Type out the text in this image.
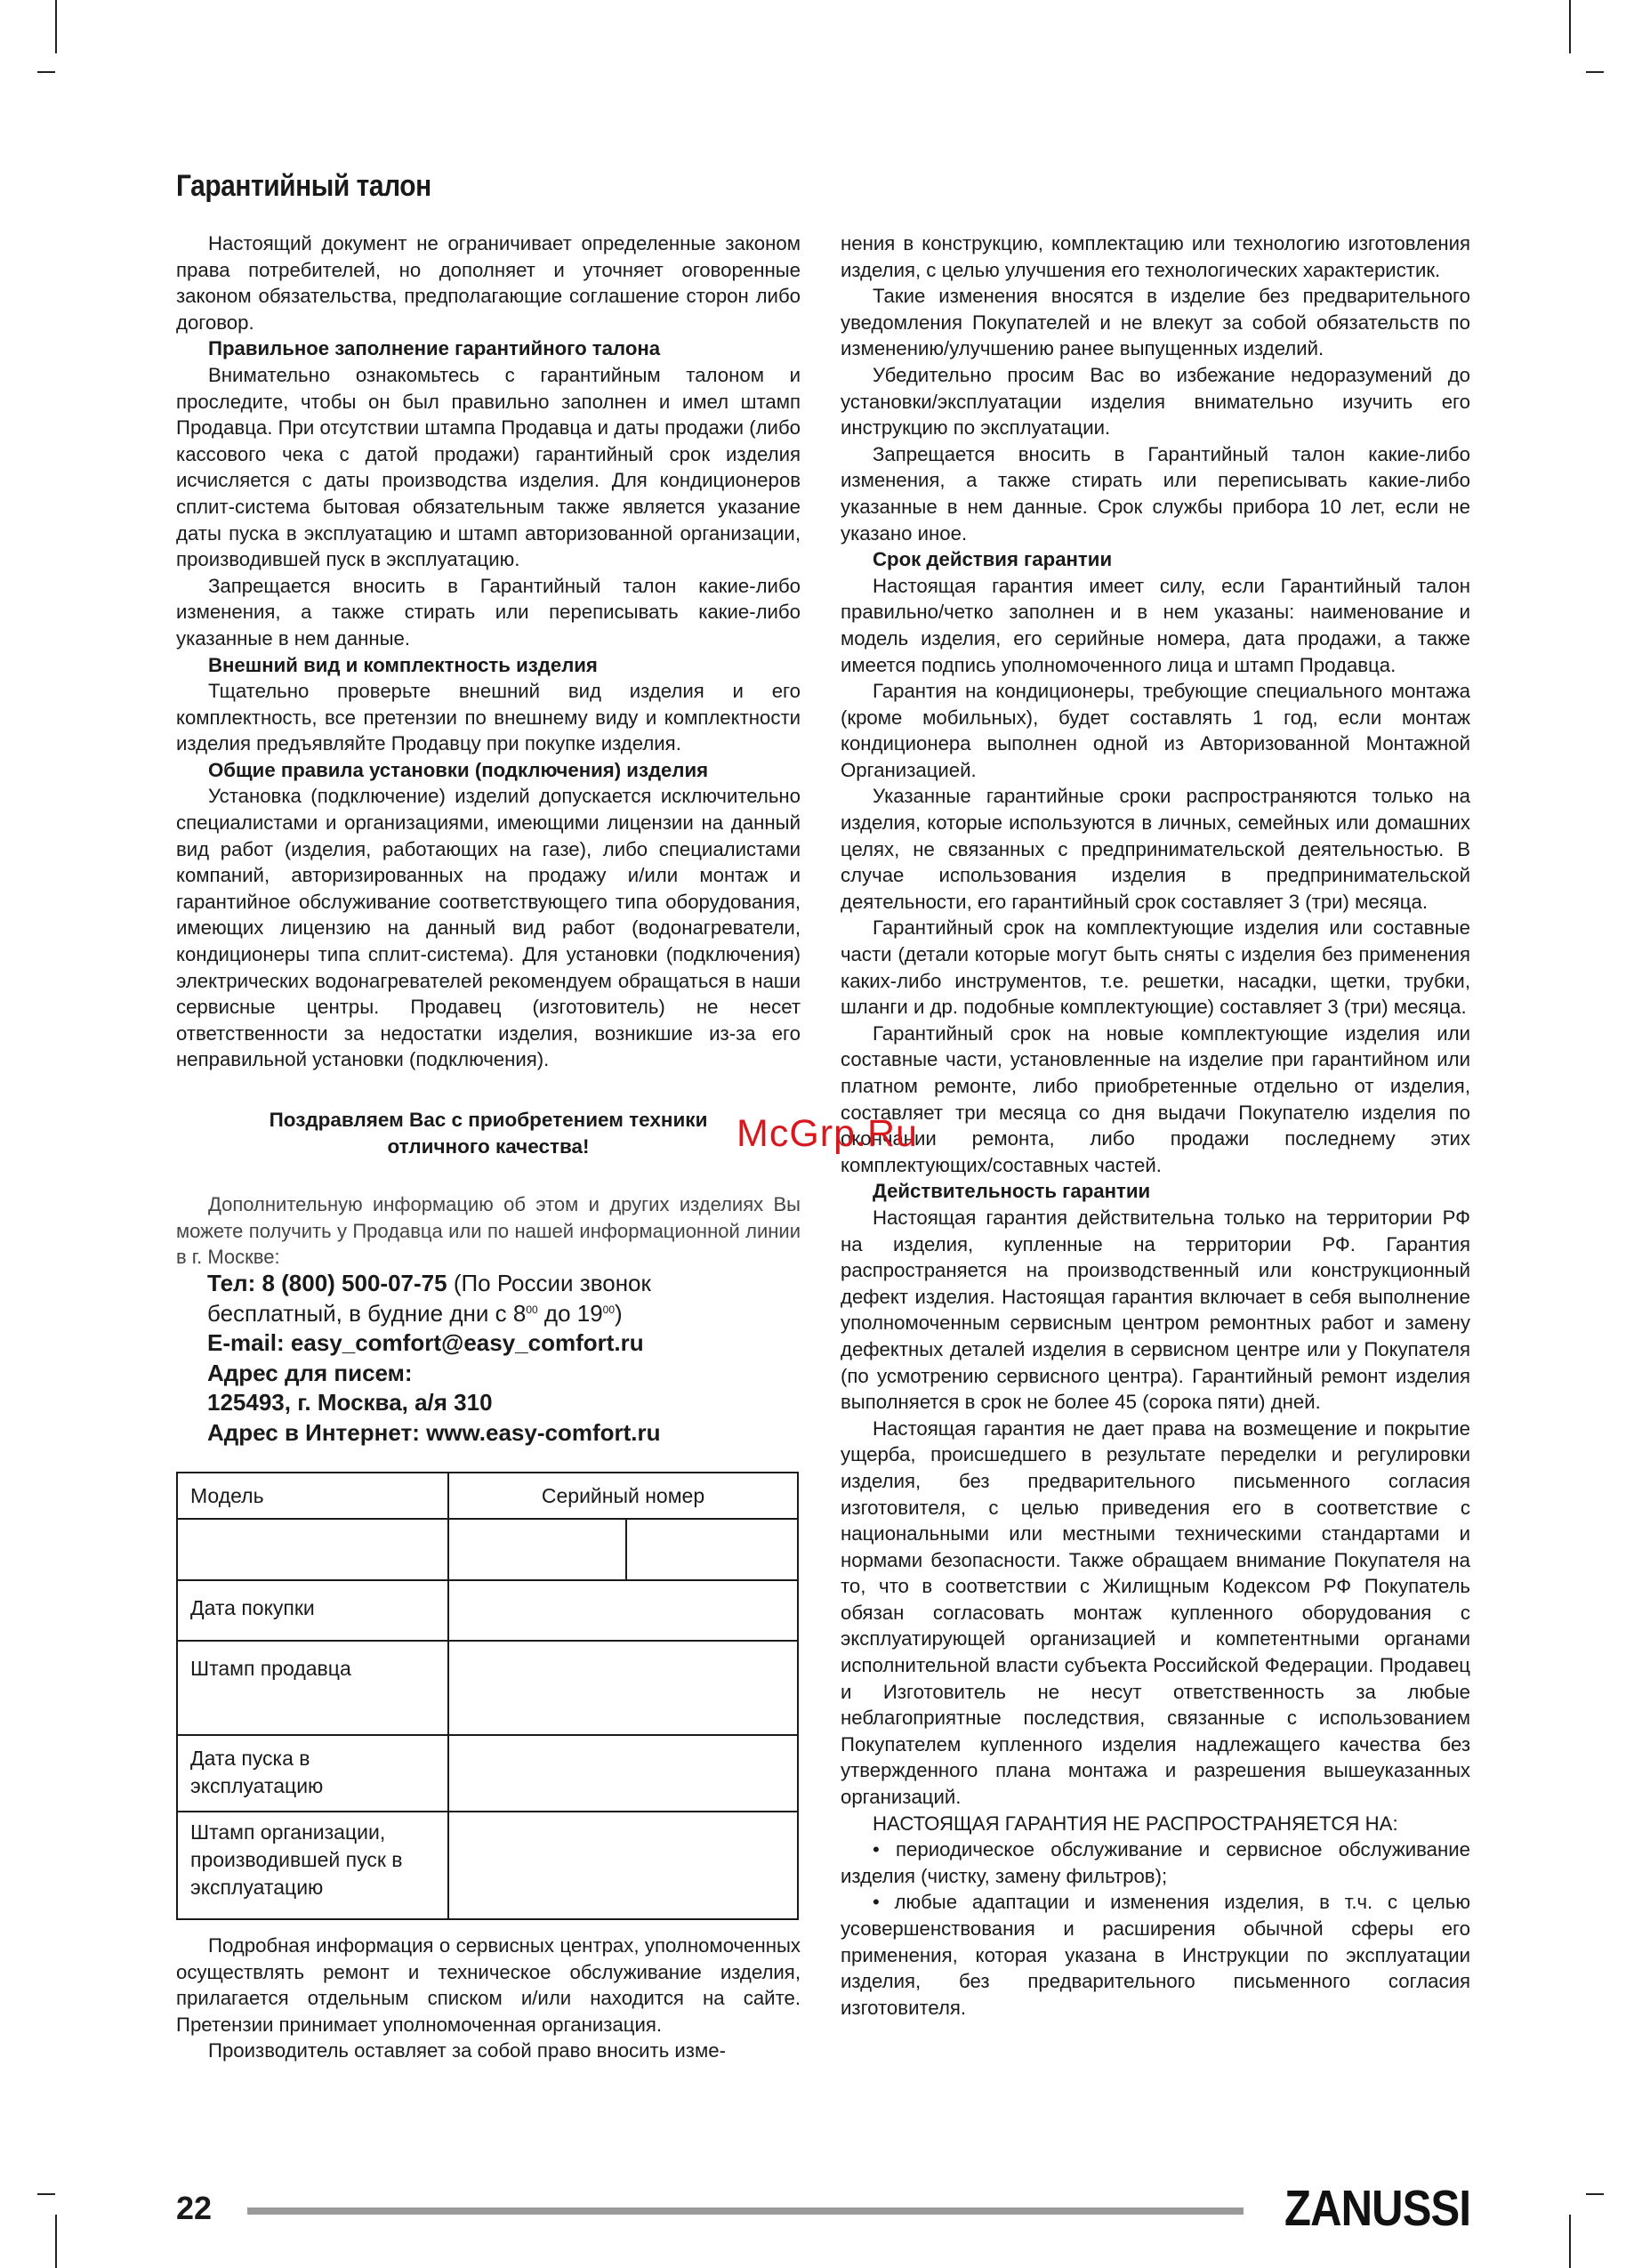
Гарантийный талон

Настоящий документ не ограничивает определенные законом права потребителей, но дополняет и уточняет оговоренные законом обязательства, предполагающие соглашение сторон либо договор.

Правильное заполнение гарантийного талона

Внимательно ознакомьтесь с гарантийным талоном и проследите, чтобы он был правильно заполнен и имел штамп Продавца. При отсутствии штампа Продавца и даты продажи (либо кассового чека с датой продажи) гарантийный срок изделия исчисляется с даты производства изделия. Для кондиционеров сплит-система бытовая обязательным также является указание даты пуска в эксплуатацию и штамп авторизованной организации, производившей пуск в эксплуатацию.

Запрещается вносить в Гарантийный талон какие-либо изменения, а также стирать или переписывать какие-либо указанные в нем данные.

Внешний вид и комплектность изделия

Тщательно проверьте внешний вид изделия и его комплектность, все претензии по внешнему виду и комплектности изделия предъявляйте Продавцу при покупке изделия.

Общие правила установки (подключения) изделия

Установка (подключение) изделий допускается исключительно специалистами и организациями, имеющими лицензии на данный вид работ (изделия, работающих на газе), либо специалистами компаний, авторизированных на продажу и/или монтаж и гарантийное обслуживание соответствующего типа оборудования, имеющих лицензию на данный вид работ (водонагреватели, кондиционеры типа сплит-система). Для установки (подключения) электрических водонагревателей рекомендуем обращаться в наши сервисные центры. Продавец (изготовитель) не несет ответственности за недостатки изделия, возникшие из-за его неправильной установки (подключения).

Поздравляем Вас с приобретением техники
отличного качества!

Дополнительную информацию об этом и других изделиях Вы можете получить у Продавца или по нашей информационной линии в г. Москве:

Тел: 8 (800) 500-07-75 (По России звонок
бесплатный, в будние дни с $8^{00}$ до $19^{00}$)
E-mail: easy_comfort@easy_comfort.ru
Адрес для писем:
125493, г. Москва, а/я 310
Адрес в Интернет: www.easy-comfort.ru
Модель	Серийный номер
Дата покупки
Штамп продавца
Дата пуска в эксплуатацию
Штамп организации, производившей пуск в эксплуатацию

Подробная информация о сервисных центрах, уполномоченных осуществлять ремонт и техническое обслуживание изделия, прилагается отдельным списком и/или находится на сайте. Претензии принимает уполномоченная организация.

Производитель оставляет за собой право вносить изме-

нения в конструкцию, комплектацию или технологию изготовления изделия, с целью улучшения его технологических характеристик.

Такие изменения вносятся в изделие без предварительного уведомления Покупателей и не влекут за собой обязательств по изменению/улучшению ранее выпущенных изделий.

Убедительно просим Вас во избежание недоразумений до установки/эксплуатации изделия внимательно изучить его инструкцию по эксплуатации.

Запрещается вносить в Гарантийный талон какие-либо изменения, а также стирать или переписывать какие-либо указанные в нем данные. Срок службы прибора 10 лет, если не указано иное.

Срок действия гарантии

Настоящая гарантия имеет силу, если Гарантийный талон правильно/четко заполнен и в нем указаны: наименование и модель изделия, его серийные номера, дата продажи, а также имеется подпись уполномоченного лица и штамп Продавца.

Гарантия на кондиционеры, требующие специального монтажа (кроме мобильных), будет составлять 1 год, если монтаж кондиционера выполнен одной из Авторизованной Монтажной Организацией.

Указанные гарантийные сроки распространяются только на изделия, которые используются в личных, семейных или домашних целях, не связанных с предпринимательской деятельностью. В случае использования изделия в предпринимательской деятельности, его гарантийный срок составляет 3 (три) месяца.

Гарантийный срок на комплектующие изделия или составные части (детали которые могут быть сняты с изделия без применения каких-либо инструментов, т.е. решетки, насадки, щетки, трубки, шланги и др. подобные комплектующие) составляет 3 (три) месяца.

Гарантийный срок на новые комплектующие изделия или составные части, установленные на изделие при гарантийном или платном ремонте, либо приобретенные отдельно от изделия, составляет три месяца со дня выдачи Покупателю изделия по окончании ремонта, либо продажи последнему этих комплектующих/составных частей.

Действительность гарантии

Настоящая гарантия действительна только на территории РФ на изделия, купленные на территории РФ. Гарантия распространяется на производственный или конструкционный дефект изделия. Настоящая гарантия включает в себя выполнение уполномоченным сервисным центром ремонтных работ и замену дефектных деталей изделия в сервисном центре или у Покупателя (по усмотрению сервисного центра). Гарантийный ремонт изделия выполняется в срок не более 45 (сорока пяти) дней.

Настоящая гарантия не дает права на возмещение и покрытие ущерба, происшедшего в результате переделки и регулировки изделия, без предварительного письменного согласия изготовителя, с целью приведения его в соответствие с национальными или местными техническими стандартами и нормами безопасности. Также обращаем внимание Покупателя на то, что в соответствии с Жилищным Кодексом РФ Покупатель обязан согласовать монтаж купленного оборудования с эксплуатирующей организацией и компетентными органами исполнительной власти субъекта Российской Федерации. Продавец и Изготовитель не несут ответственность за любые неблагоприятные последствия, связанные с использованием Покупателем купленного изделия надлежащего качества без утвержденного плана монтажа и разрешения вышеуказанных организаций.

НАСТОЯЩАЯ ГАРАНТИЯ НЕ РАСПРОСТРАНЯЕТСЯ НА:

• периодическое обслуживание и сервисное обслуживание изделия (чистку, замену фильтров);

• любые адаптации и изменения изделия, в т.ч. с целью усовершенствования и расширения обычной сферы его применения, которая указана в Инструкции по эксплуатации изделия, без предварительного письменного согласия изготовителя.

McGrp.Ru
22	ZANUSSI
